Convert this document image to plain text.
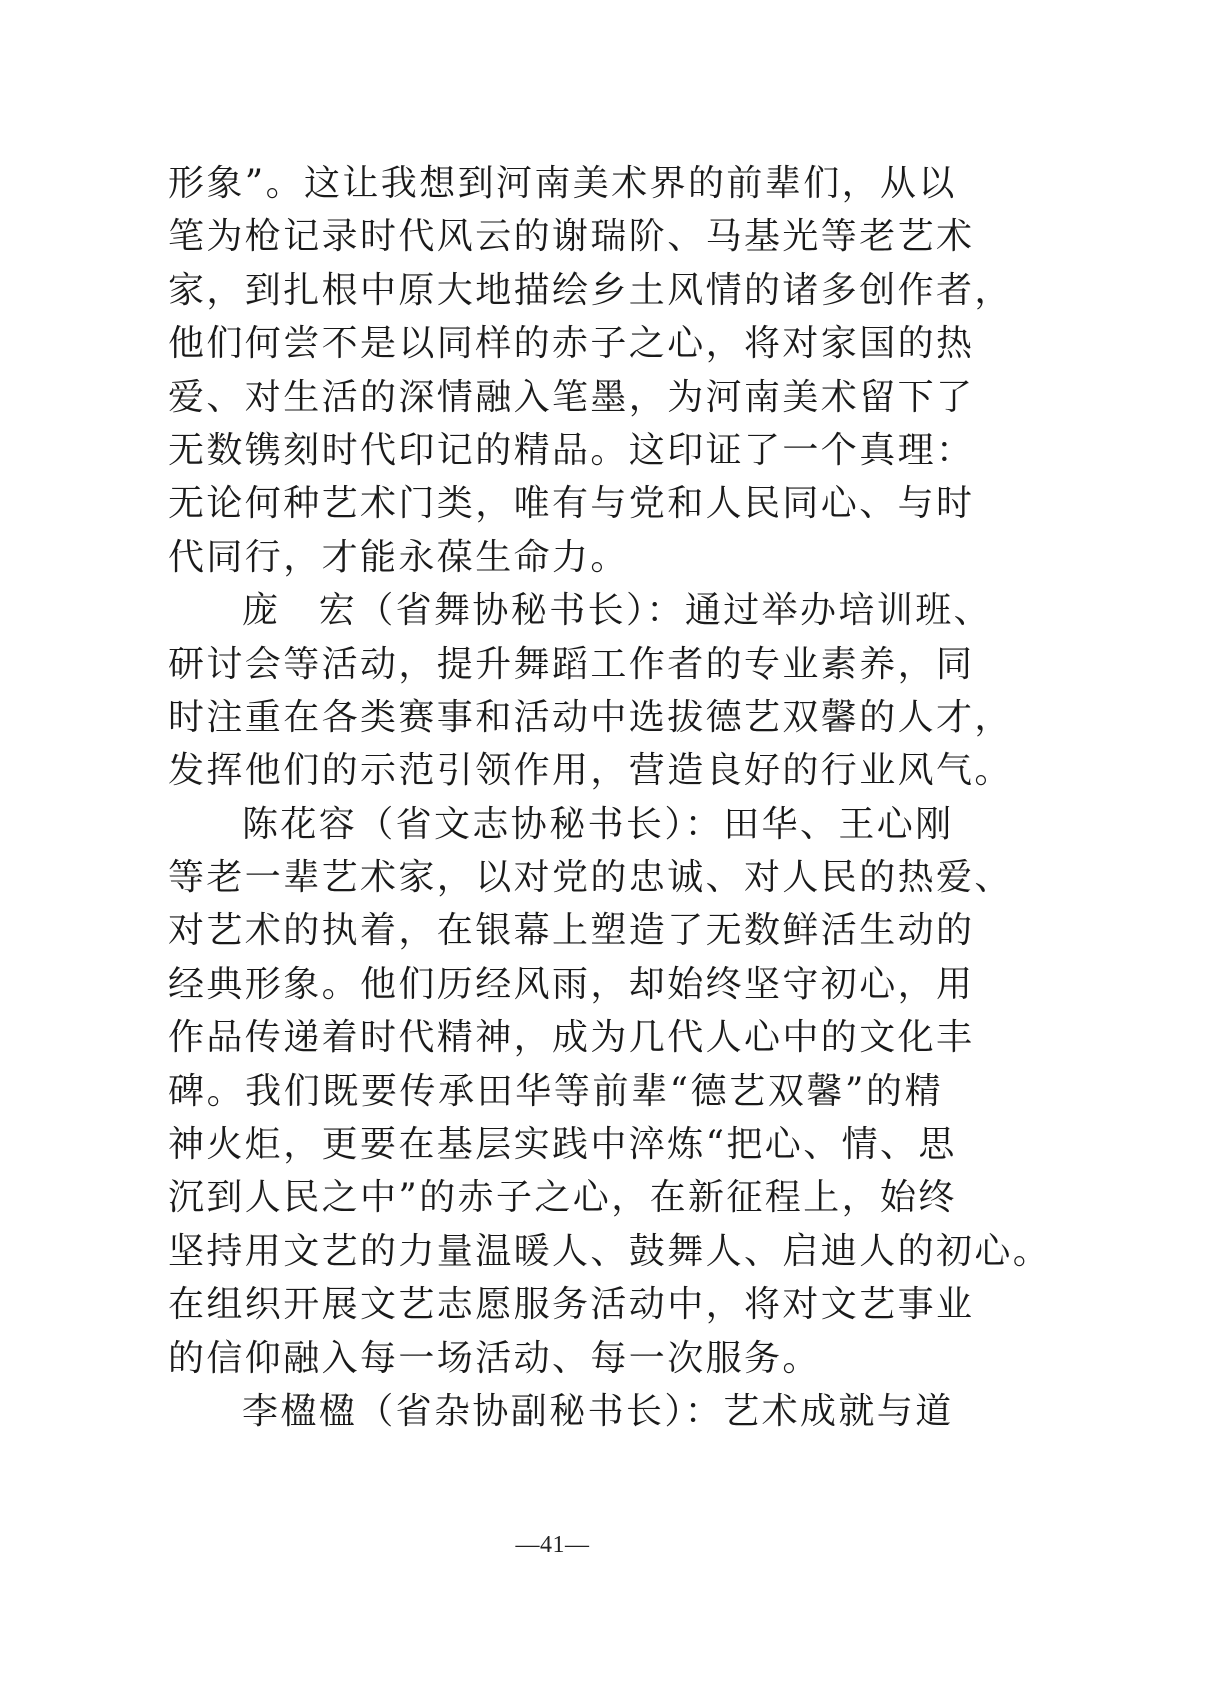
形象”。这让我想到河南美术界的前辈们，从以
笔为枪记录时代风云的谢瑞阶、马基光等老艺术
家，到扎根中原大地描绘乡土风情的诸多创作者，
他们何尝不是以同样的赤子之心，将对家国的热
爱、对生活的深情融入笔墨，为河南美术留下了
无数镌刻时代印记的精品。这印证了一个真理：
无论何种艺术门类，唯有与党和人民同心、与时
代同行，才能永葆生命力。
庞　宏（省舞协秘书长）：通过举办培训班、
研讨会等活动，提升舞蹈工作者的专业素养，同
时注重在各类赛事和活动中选拔德艺双馨的人才，
发挥他们的示范引领作用，营造良好的行业风气。
陈花容（省文志协秘书长）：田华、王心刚
等老一辈艺术家，以对党的忠诚、对人民的热爱、
对艺术的执着，在银幕上塑造了无数鲜活生动的
经典形象。他们历经风雨，却始终坚守初心，用
作品传递着时代精神，成为几代人心中的文化丰
碑。我们既要传承田华等前辈“德艺双馨”的精
神火炬，更要在基层实践中淬炼“把心、情、思
沉到人民之中”的赤子之心，在新征程上，始终
坚持用文艺的力量温暖人、鼓舞人、启迪人的初心。
在组织开展文艺志愿服务活动中，将对文艺事业
的信仰融入每一场活动、每一次服务。
李楹楹（省杂协副秘书长）：艺术成就与道
—41—
